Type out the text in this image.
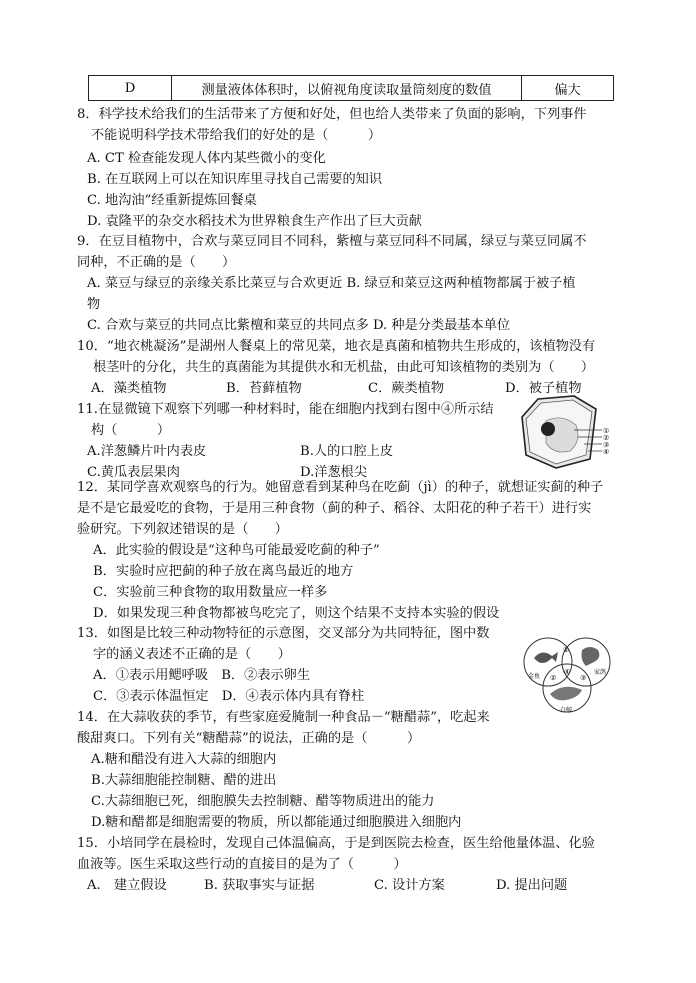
D	测量液体体积时，以俯视角度读取量筒刻度的数值	偏大
8．科学技术给我们的生活带来了方便和好处，但也给人类带来了负面的影响，下列事件
不能说明科学技术带给我们的好处的是（　　　）
A. CT 检查能发现人体内某些微小的变化
B. 在互联网上可以在知识库里寻找自己需要的知识
C. 地沟油”经重新提炼回餐桌
D. 袁隆平的杂交水稻技术为世界粮食生产作出了巨大贡献
9．在豆目植物中，合欢与菜豆同目不同科，紫檀与菜豆同科不同属，绿豆与菜豆同属不
同种，不正确的是（　　）
A. 菜豆与绿豆的亲缘关系比菜豆与合欢更近 B. 绿豆和菜豆这两种植物都属于被子植
物
C. 合欢与菜豆的共同点比紫檀和菜豆的共同点多 D. 种是分类最基本单位
10．“地衣桃凝汤”是湖州人餐桌上的常见菜，地衣是真菌和植物共生形成的，该植物没有
根茎叶的分化，共生的真菌能为其提供水和无机盐，由此可知该植物的类别为（　　）
A．藻类植物	B．苔藓植物	C．蕨类植物	D．被子植物
11.在显微镜下观察下列哪一种材料时，能在细胞内找到右图中④所示结
构（　　　）
A.洋葱鳞片叶内表皮	B.人的口腔上皮
C.黄瓜表层果肉	D.洋葱根尖
①
②
③
④
12．某同学喜欢观察鸟的行为。她留意看到某种鸟在吃蓟（jì）的种子，就想证实蓟的种子
是不是它最爱吃的食物，于是用三种食物（蓟的种子、稻谷、太阳花的种子若干）进行实
验研究。下列叙述错误的是（　　）
A．此实验的假设是“这种鸟可能最爱吃蓟的种子”
B．实验时应把蓟的种子放在离鸟最近的地方
C．实验前三种食物的取用数量应一样多
D．如果发现三种食物都被鸟吃完了，则这个结果不支持本实验的假设
13．如图是比较三种动物特征的示意图，交叉部分为共同特征，图中数
字的涵义表述不正确的是（　　）
A．①表示用鳃呼吸　B．②表示卵生
C．③表示体温恒定　D．④表示体内具有脊柱
金鱼
家鸽
白鲸
①
②	③
④
14．在大蒜收获的季节，有些家庭爱腌制一种食品－“糖醋蒜”，吃起来
酸甜爽口。下列有关“糖醋蒜”的说法，正确的是（　　　）
A.糖和醋没有进入大蒜的细胞内
B.大蒜细胞能控制糖、醋的进出
C.大蒜细胞已死，细胞膜失去控制糖、醋等物质进出的能力
D.糖和醋都是细胞需要的物质，所以都能通过细胞膜进入细胞内
15．小培同学在晨检时，发现自己体温偏高，于是到医院去检查，医生给他量体温、化验
血液等。医生采取这些行动的直接目的是为了（　　　）
A.　建立假设	B. 获取事实与证据	C. 设计方案	D. 提出问题
